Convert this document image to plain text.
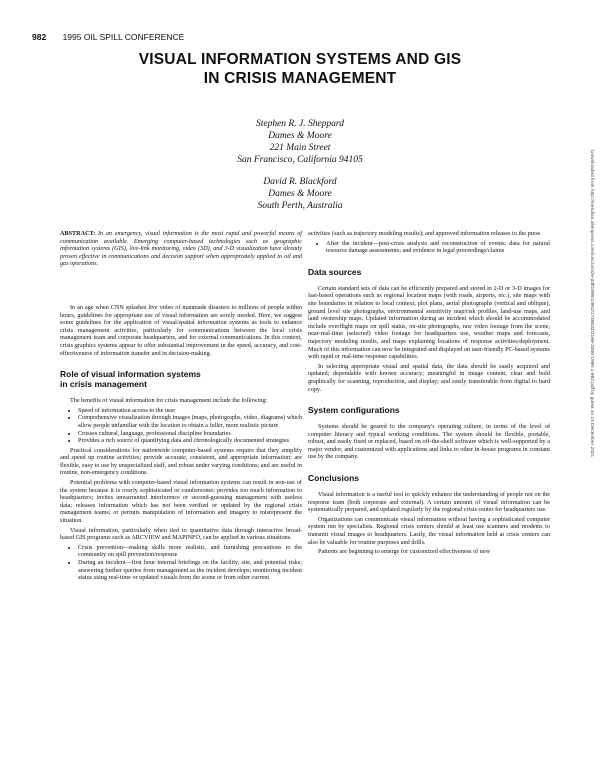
982 1995 OIL SPILL CONFERENCE
VISUAL INFORMATION SYSTEMS AND GIS
IN CRISIS MANAGEMENT
Stephen R. J. Sheppard
Dames & Moore
221 Main Street
San Francisco, California 94105
David R. Blackford
Dames & Moore
South Perth, Australia	Downloaded from http://meridian.allenpress.com/iosc/article-pdf/1995/1/982/1748532/2169-3358-1995-1-982.pdf by guest on 15 December 2021

ABSTRACT: In an emergency, visual information is the most rapid and powerful means of communication available. Emerging computer-based technologies such as geographic information systems (GIS), live-link monitoring, video (3D), and 3-D visualization have already proven effective in communications and decision support when appropriately applied to oil and gas operations.

In an age when CNN splashes live video of manmade disasters to millions of people within hours, guidelines for appropriate use of visual information are sorely needed. Here, we suggest some guidelines for the application of visual/spatial information systems as tools to enhance crisis management activities, particularly for communications between the local crisis management team and corporate headquarters, and for external communications. In this context, crisis graphics systems appear to offer substantial improvement in the speed, accuracy, and cost-effectiveness of information transfer and in decision-making.

Role of visual information systems
in crisis management

The benefits of visual information for crisis management include the following:

• Speed of information access to the user
• Comprehensive visualization through images (maps, photographs, video, diagrams) which allow people unfamiliar with the location to obtain a fuller, more realistic picture
• Crosses cultural, language, professional discipline boundaries
• Provides a rich source of quantifying data and chronologically documented strategies

Practical considerations for nationwide computer-based systems require that they simplify and speed up routine activities; provide accurate, consistent, and appropriate information; are flexible, easy to use by unspecialized staff, and robust under varying conditions; and are useful in routine, non-emergency conditions.

Potential problems with computer-based visual information systems can result in non-use of the system because it is overly sophisticated or cumbersome; provides too much information to headquarters; invites unwarranted interference or second-guessing management with useless data; releases information which has not been verified or updated by the regional crisis management teams; or permits manipulation of information and imagery to misrepresent the situation.

Visual information, particularly when tied to quantitative data through interactive broad-based GIS programs such as ARCVIEW and MAPINFO, can be applied in various situations.

• Crisis prevention—making skills more realistic, and furnishing precautions to the community on spill prevention/response
• During an incident—first hour internal briefings on the facility, site, and potential risks; answering further queries from management as the incident develops; monitoring incident status using real-time or updated visuals from the scene or from other current

activities (such as trajectory modeling results); and approved information releases to the press

• After the incident—post-crisis analysis and reconstruction of events; data for natural resource damage assessments; and evidence in legal proceedings/claims
Data sources

Certain standard sets of data can be efficiently prepared and stored in 2-D or 3-D images for fast-based operations such as regional location maps (with roads, airports, etc.), site maps with site boundaries in relation to local context, plot plans, aerial photographs (vertical and oblique), ground level site photographs, environmental sensitivity map/risk profiles, land-use maps, and land ownership maps. Updated information during an incident which should be accommodated include overflight maps on spill status, on-site photographs, raw video footage from the scene, near-real-time (selected) video footage for headquarters use, weather maps and forecasts, trajectory modeling results, and maps explaining locations of response activities/deployment. Much of this information can now be integrated and displayed on user-friendly PC-based systems with rapid or real-time response capabilities.

In selecting appropriate visual and spatial data, the data should be easily acquired and updated; dependable with known accuracy; meaningful in image content; clear and bold graphically for scanning, reproduction, and display; and easily transferable from digital to hard copy.

System configurations

Systems should be geared to the company's operating culture, in terms of the level of computer literacy and typical working conditions. The system should be flexible, portable, robust, and easily fixed or replaced, based on off-the-shelf software which is well-supported by a major vendor, and customized with applications and links to other in-house programs in constant use by the company.

Conclusions

Visual information is a useful tool to quickly enhance the understanding of people not on the response team (both corporate and external). A certain amount of visual information can be systematically prepared, and updated regularly by the regional crisis center for headquarters use.

Organizations can communicate visual information without having a sophisticated computer system run by specialists. Regional crisis centers should at least use scanners and modems to transmit visual images to headquarters. Lastly, the visual information held at crisis centers can also be valuable for routine purposes and drills.

Patterns are beginning to emerge for customized effectiveness of new
